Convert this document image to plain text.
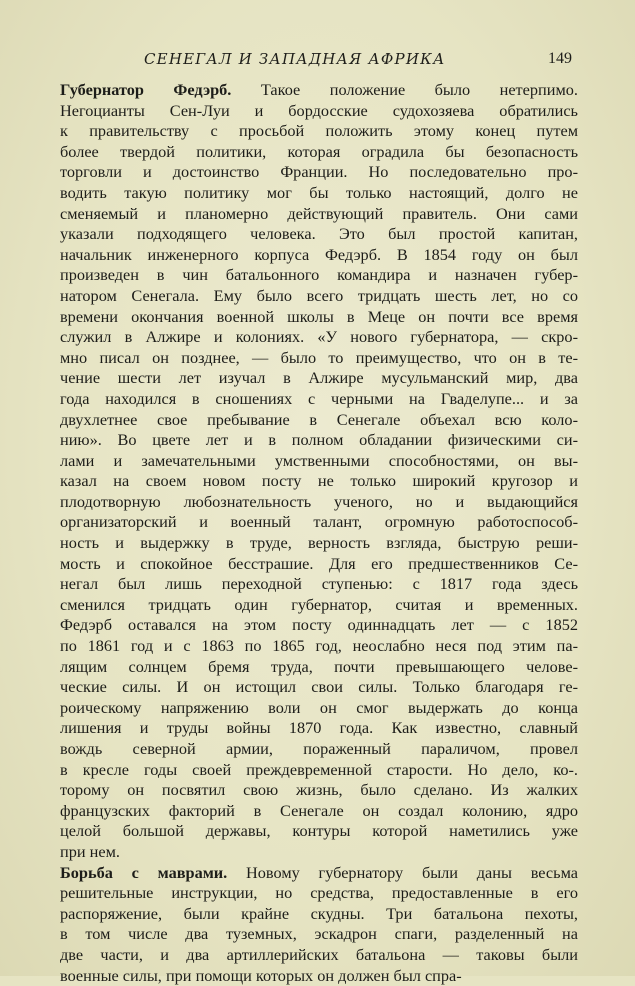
СЕНЕГАЛ И ЗАПАДНАЯ АФРИКА	149
Губернатор Федэрб. Такое положение было нетерпимо.
Негоцианты Сен-Луи и бордосские судохозяева обратились
к правительству с просьбой положить этому конец путем
более твердой политики, которая оградила бы безопасность
торговли и достоинство Франции. Но последовательно про-
водить такую политику мог бы только настоящий, долго не
сменяемый и планомерно действующий правитель. Они сами
указали подходящего человека. Это был простой капитан,
начальник инженерного корпуса Федэрб. В 1854 году он был
произведен в чин батальонного командира и назначен губер-
натором Сенегала. Ему было всего тридцать шесть лет, но со
времени окончания военной школы в Меце он почти все время
служил в Алжире и колониях. «У нового губернатора, — скро-
мно писал он позднее, — было то преимущество, что он в те-
чение шести лет изучал в Алжире мусульманский мир, два
года находился в сношениях с черными на Гваделупе... и за
двухлетнее свое пребывание в Сенегале объехал всю коло-
нию». Во цвете лет и в полном обладании физическими си-
лами и замечательными умственными способностями, он вы-
казал на своем новом посту не только широкий кругозор и
плодотворную любознательность ученого, но и выдающийся
организаторский и военный талант, огромную работоспособ-
ность и выдержку в труде, верность взгляда, быструю реши-
мость и спокойное бесстрашие. Для его предшественников Се-
негал был лишь переходной ступенью: с 1817 года здесь
сменился тридцать один губернатор, считая и временных.
Федэрб оставался на этом посту одиннадцать лет — с 1852
по 1861 год и с 1863 по 1865 год, неослабно неся под этим па-
лящим солнцем бремя труда, почти превышающего челове-
ческие силы. И он истощил свои силы. Только благодаря ге-
роическому напряжению воли он смог выдержать до конца
лишения и труды войны 1870 года. Как известно, славный
вождь северной армии, пораженный параличом, провел
в кресле годы своей преждевременной старости. Но дело, ко-.
торому он посвятил свою жизнь, было сделано. Из жалких
французских факторий в Сенегале он создал колонию, ядро
целой большой державы, контуры которой наметились уже
при нем.
Борьба с маврами. Новому губернатору были даны весьма
решительные инструкции, но средства, предоставленные в его
распоряжение, были крайне скудны. Три батальона пехоты,
в том числе два туземных, эскадрон спаги, разделенный на
две части, и два артиллерийских батальона — таковы были
военные силы, при помощи которых он должен был спра-
